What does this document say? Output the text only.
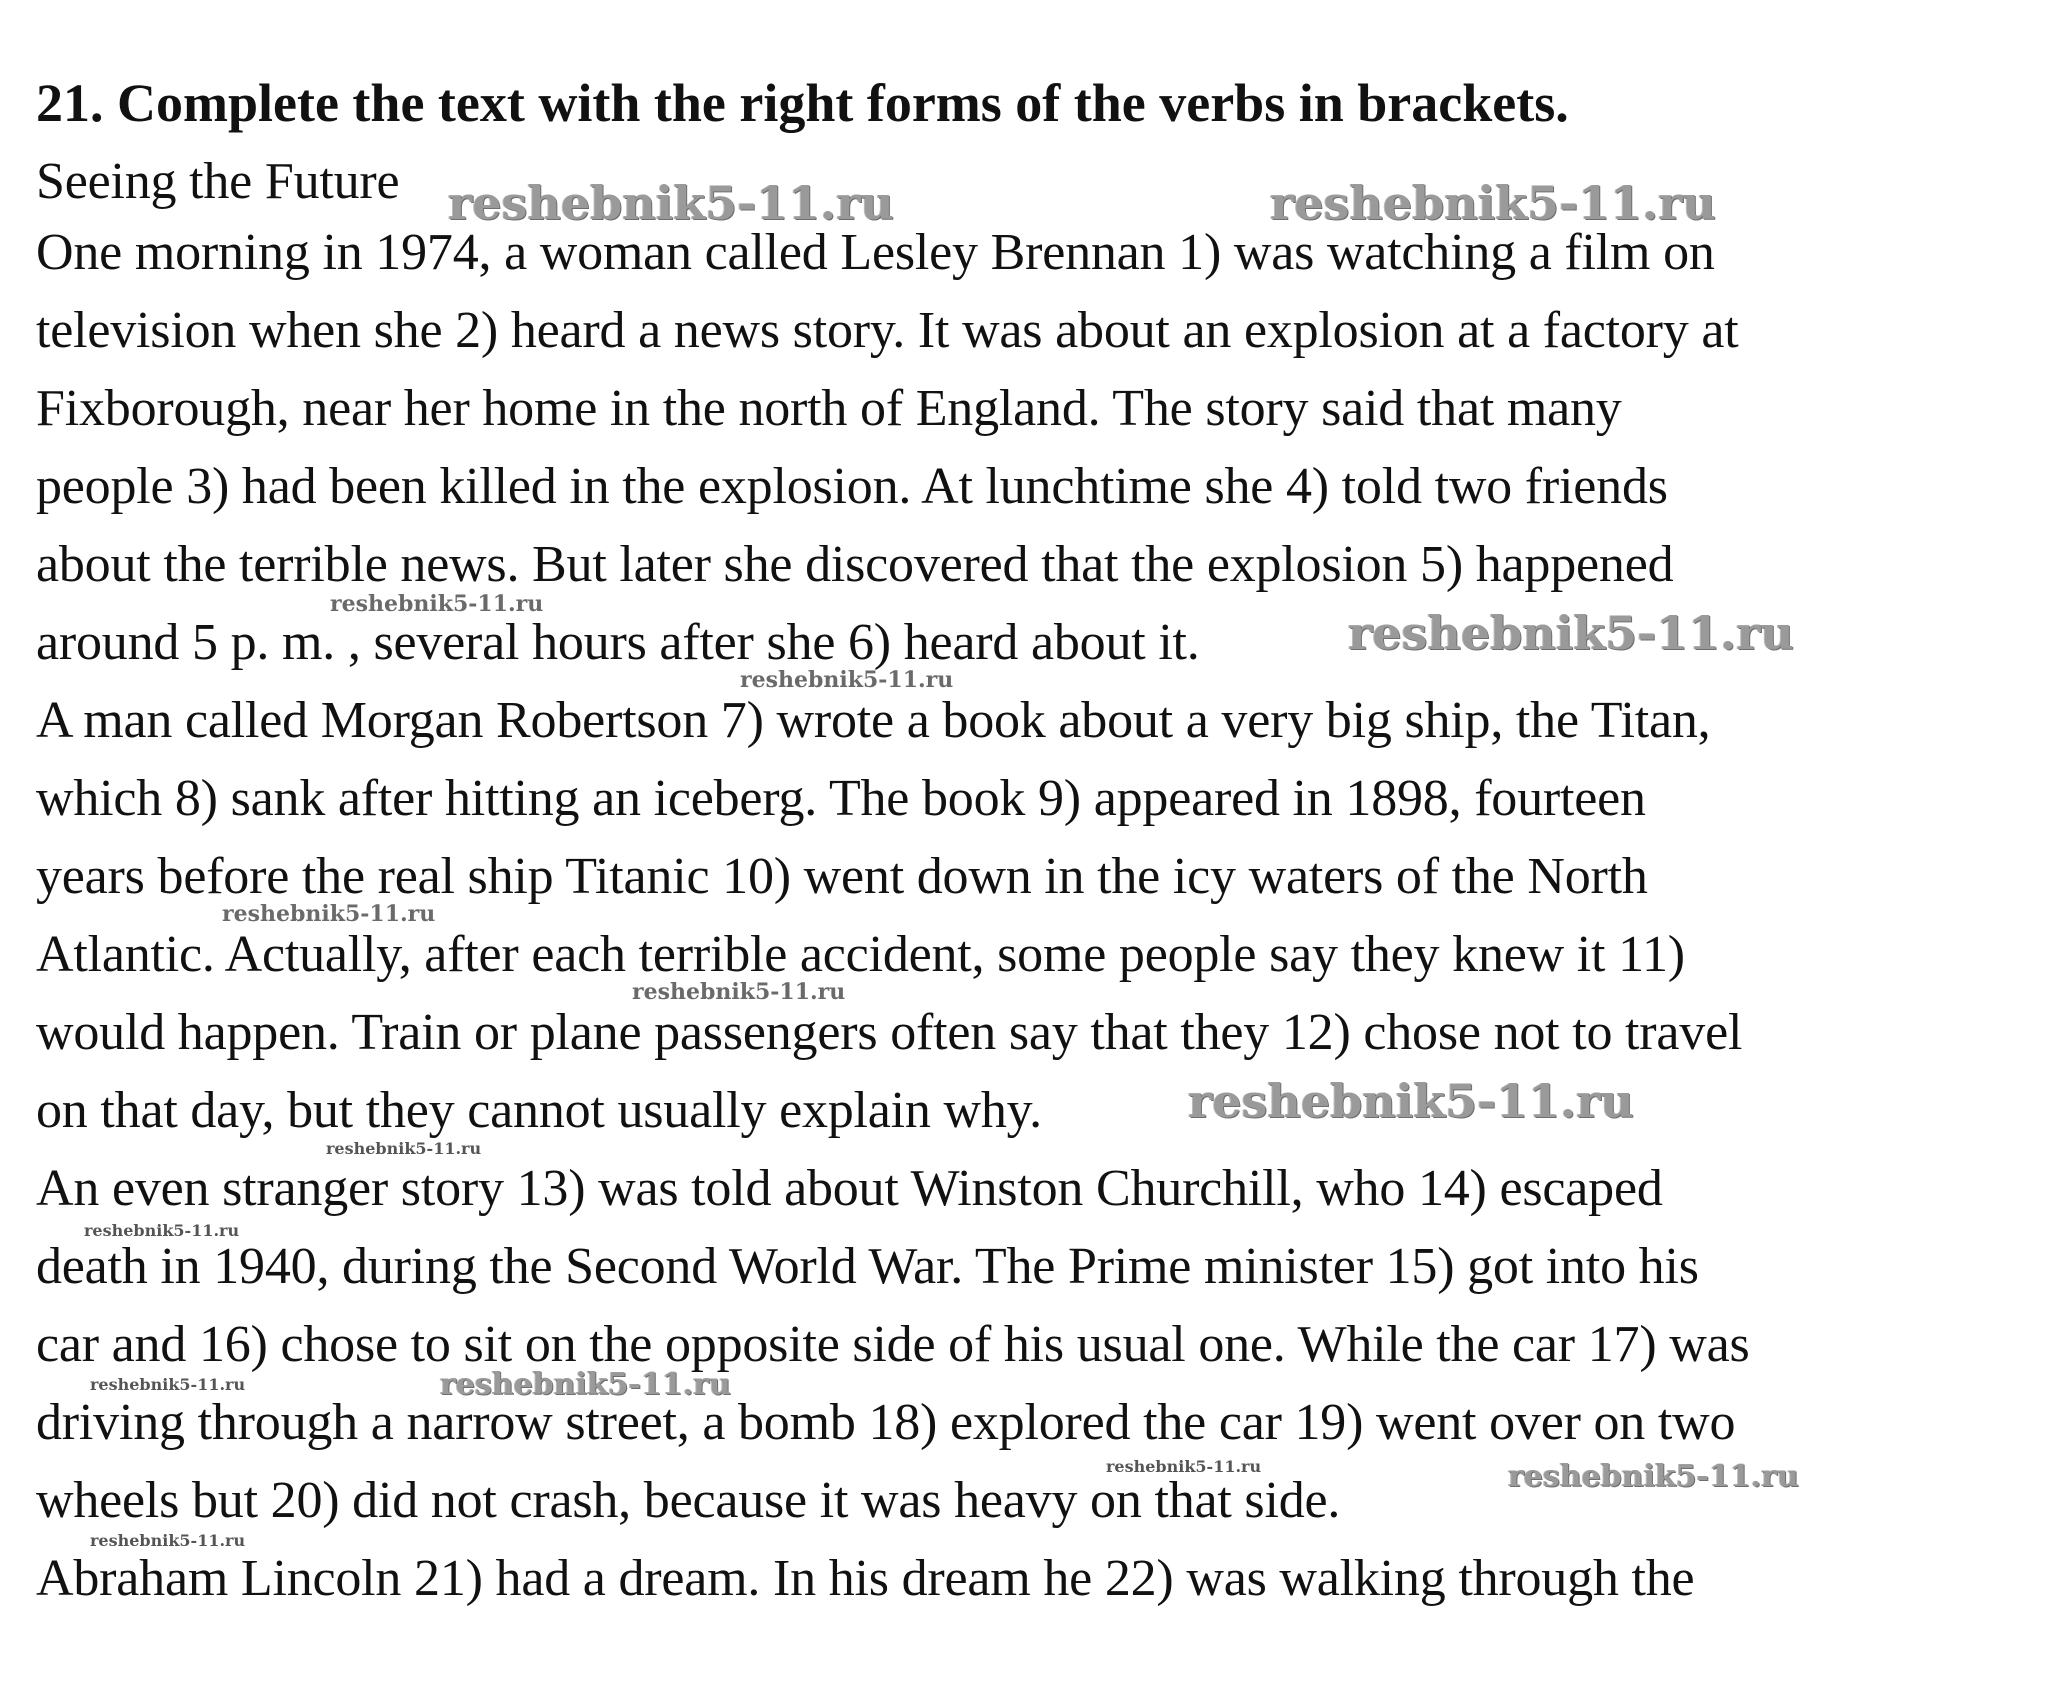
21. Complete the text with the right forms of the verbs in brackets.
Seeing the Future
One morning in 1974, a woman called Lesley Brennan 1) was watching a film on
television when she 2) heard a news story. It was about an explosion at a factory at
Fixborough, near her home in the north of England. The story said that many
people 3) had been killed in the explosion. At lunchtime she 4) told two friends
about the terrible news. But later she discovered that the explosion 5) happened
around 5 p. m. , several hours after she 6) heard about it.
A man called Morgan Robertson 7) wrote a book about a very big ship, the Titan,
which 8) sank after hitting an iceberg. The book 9) appeared in 1898, fourteen
years before the real ship Titanic 10) went down in the icy waters of the North
Atlantic. Actually, after each terrible accident, some people say they knew it 11)
would happen. Train or plane passengers often say that they 12) chose not to travel
on that day, but they cannot usually explain why.
An even stranger story 13) was told about Winston Churchill, who 14) escaped
death in 1940, during the Second World War. The Prime minister 15) got into his
car and 16) chose to sit on the opposite side of his usual one. While the car 17) was
driving through a narrow street, a bomb 18) explored the car 19) went over on two
wheels but 20) did not crash, because it was heavy on that side.
Abraham Lincoln 21) had a dream. In his dream he 22) was walking through the
reshebnik5-11.ru	reshebnik5-11.ru
reshebnik5-11.ru
reshebnik5-11.ru
reshebnik5-11.ru
reshebnik5-11.ru
reshebnik5-11.ru
reshebnik5-11.ru
reshebnik5-11.ru
reshebnik5-11.ru
reshebnik5-11.ru	reshebnik5-11.ru
reshebnik5-11.ru	reshebnik5-11.ru
reshebnik5-11.ru
